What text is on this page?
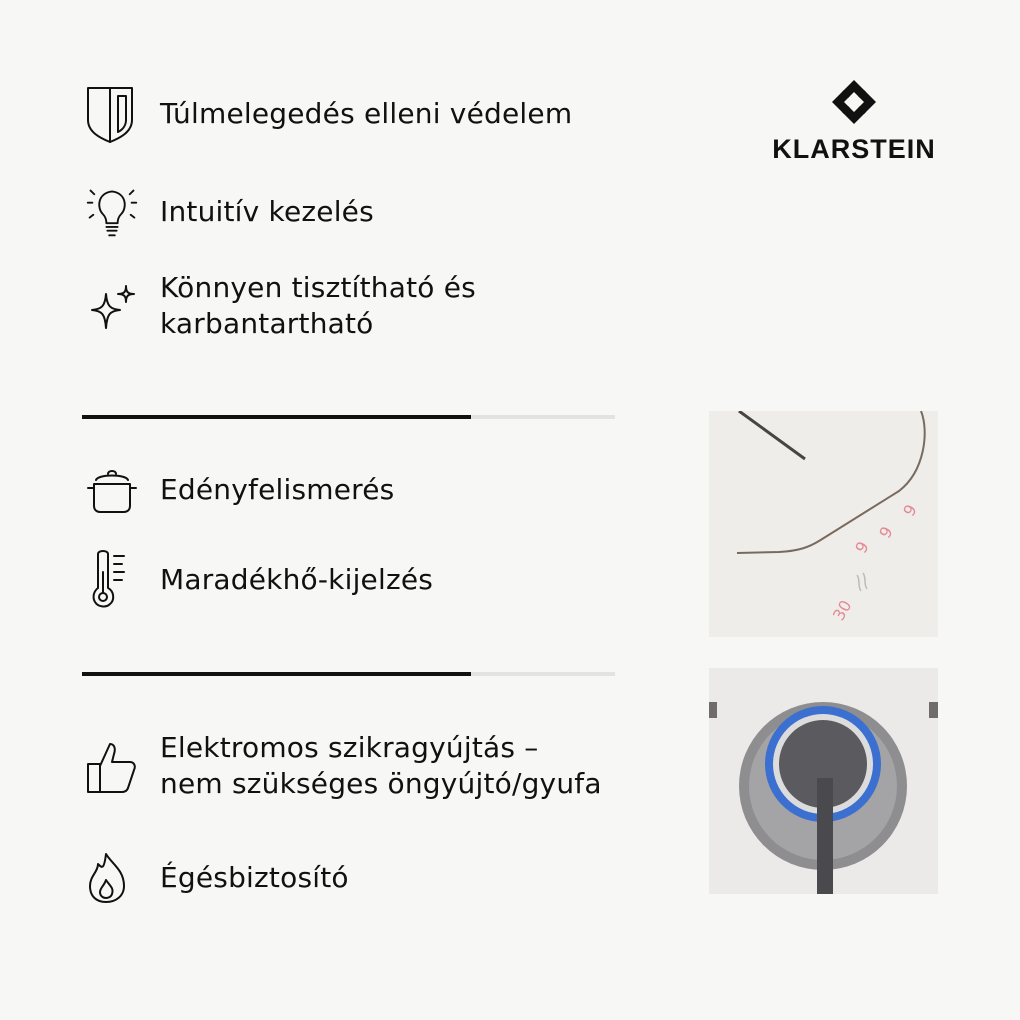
Túlmelegedés elleni védelem
Intuitív kezelés
Könnyen tisztítható és
karbantartható
KLARSTEIN
Edényfelismerés
Maradékhő-kijelzés
Elektromos szikragyújtás –
nem szükséges öngyújtó/gyufa
Égésbiztosító
9
9
9
30
